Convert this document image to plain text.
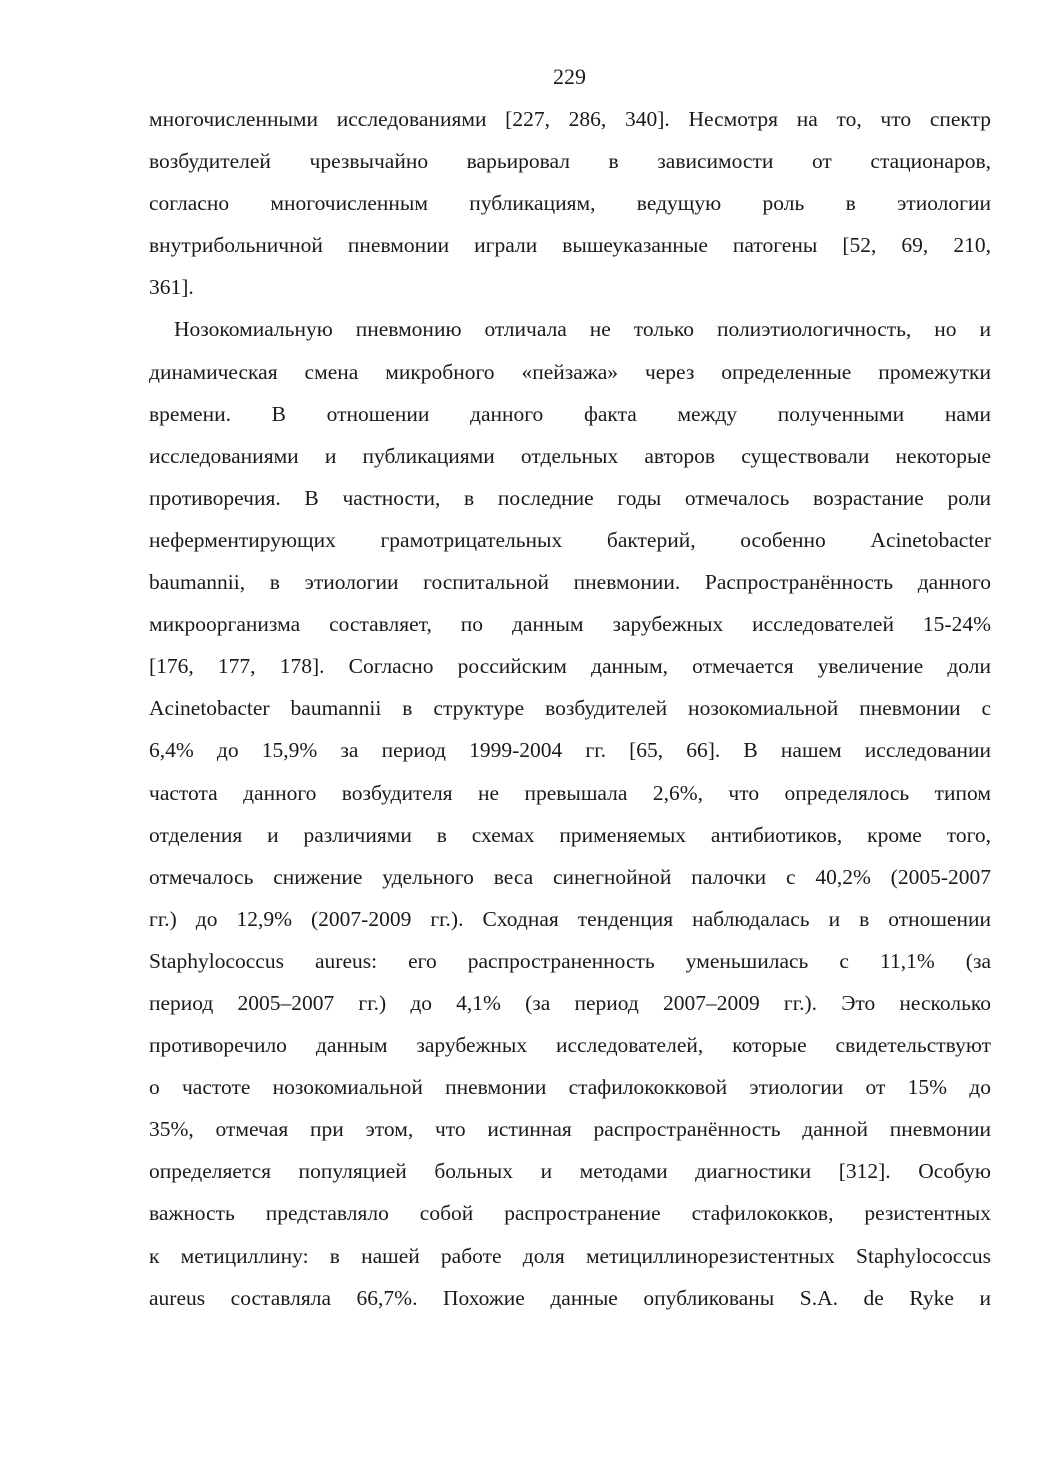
229

многочисленными исследованиями [227, 286, 340]. Несмотря на то, что спектр
возбудителей чрезвычайно варьировал в зависимости от стационаров,
согласно многочисленным публикациям, ведущую роль в этиологии
внутрибольничной пневмонии играли вышеуказанные патогены [52, 69, 210,
361].

Нозокомиальную пневмонию отличала не только полиэтиологичность, но и
динамическая смена микробного «пейзажа» через определенные промежутки
времени. В отношении данного факта между полученными нами
исследованиями и публикациями отдельных авторов существовали некоторые
противоречия. В частности, в последние годы отмечалось возрастание роли
неферментирующих грамотрицательных бактерий, особенно Acinetobacter
baumannii, в этиологии госпитальной пневмонии. Распространённость данного
микроорганизма составляет, по данным зарубежных исследователей 15-24%
[176, 177, 178]. Согласно российским данным, отмечается увеличение доли
Acinetobacter baumannii в структуре возбудителей нозокомиальной пневмонии с
6,4% до 15,9% за период 1999-2004 гг. [65, 66]. В нашем исследовании
частота данного возбудителя не превышала 2,6%, что определялось типом
отделения и различиями в схемах применяемых антибиотиков, кроме того,
отмечалось снижение удельного веса синегнойной палочки с 40,2% (2005-2007
гг.) до 12,9% (2007-2009 гг.). Сходная тенденция наблюдалась и в отношении
Staphylococcus aureus: его распространенность уменьшилась с 11,1% (за
период 2005–2007 гг.) до 4,1% (за период 2007–2009 гг.). Это несколько
противоречило данным зарубежных исследователей, которые свидетельствуют
о частоте нозокомиальной пневмонии стафилококковой этиологии от 15% до
35%, отмечая при этом, что истинная распространённость данной пневмонии
определяется популяцией больных и методами диагностики [312]. Особую
важность представляло собой распространение стафилококков, резистентных
к метициллину: в нашей работе доля метициллинорезистентных Staphylococcus
aureus составляла 66,7%. Похожие данные опубликованы S.A. de Ryke и
